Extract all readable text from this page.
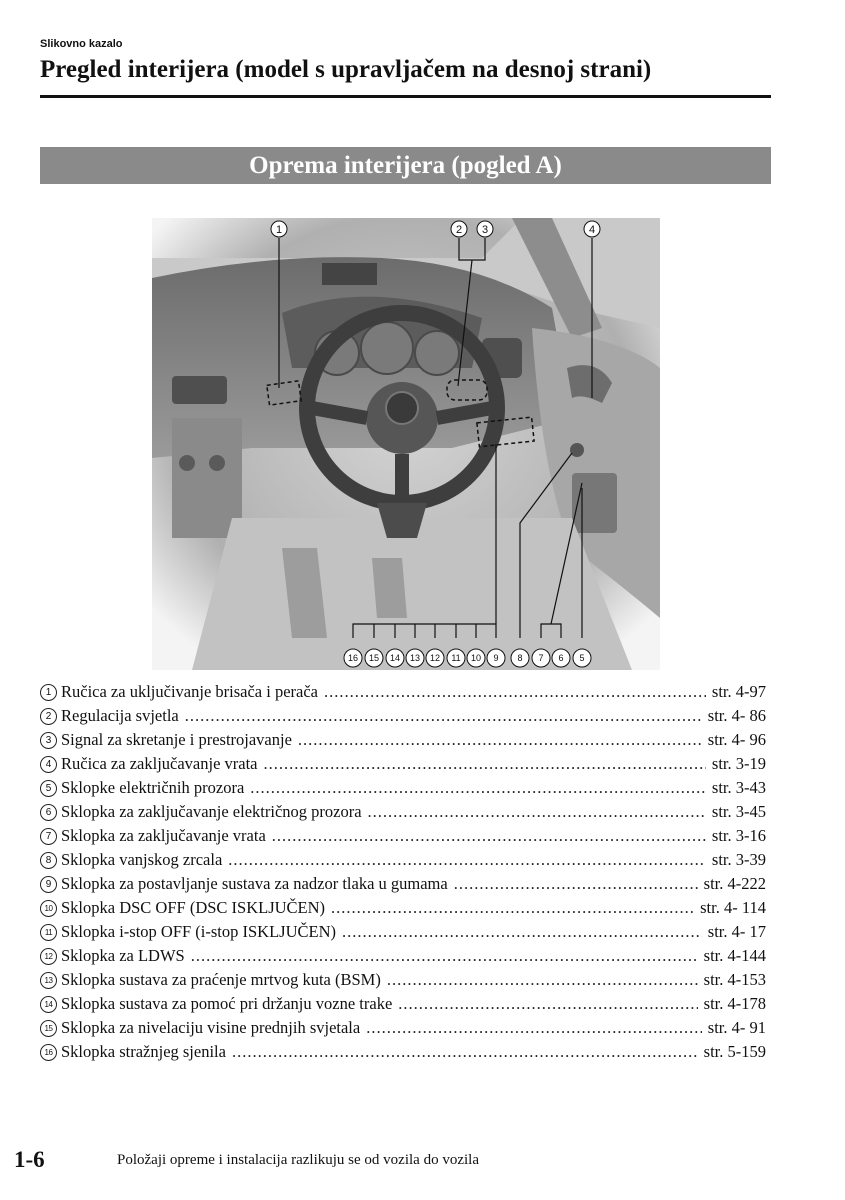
Slikovno kazalo
Pregled interijera (model s upravljačem na desnoj strani)
Oprema interijera (pogled A)
1	2 3	4
16 15 14 13 12 11 10 9 8 7 6 5
1 Ručica za uključivanje brisača i perača .....	str. 4-97
2 Regulacija svjetla .....	str. 4- 86
3 Signal za skretanje i prestrojavanje .....	str. 4- 96
4 Ručica za zaključavanje vrata .....	str. 3-19
5 Sklopke električnih prozora .....	str. 3-43
6 Sklopka za zaključavanje električnog prozora .....	str. 3-45
7 Sklopka za zaključavanje vrata .....	str. 3-16
8 Sklopka vanjskog zrcala .....	str. 3-39
9 Sklopka za postavljanje sustava za nadzor tlaka u gumama .....	str. 4-222
10 Sklopka DSC OFF (DSC ISKLJUČEN) .....	str. 4- 114
11 Sklopka i-stop OFF (i-stop ISKLJUČEN) .....	str. 4- 17
12 Sklopka za LDWS .....	str. 4-144
13 Sklopka sustava za praćenje mrtvog kuta (BSM) .....	str. 4-153
14 Sklopka sustava za pomoć pri držanju vozne trake .....	str. 4-178
15 Sklopka za nivelaciju visine prednjih svjetala .....	str. 4- 91
16 Sklopka stražnjeg sjenila .....	str. 5-159
1-6	Položaji opreme i instalacija razlikuju se od vozila do vozila
